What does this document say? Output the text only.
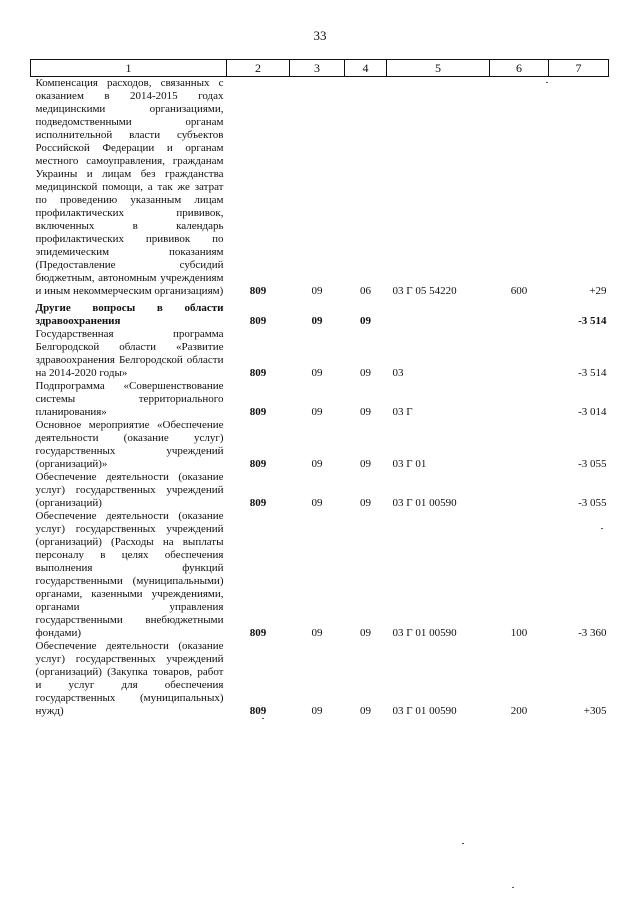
33
1	2	3	4	5	6	7
Компенсация расходов, связанных с оказанием в 2014-2015 годах медицинскими организациями, подведомственными органам исполнительной власти субъектов Российской Федерации и органам местного самоуправления, гражданам Украины и лицам без гражданства медицинской помощи, а так же затрат по проведению указанным лицам профилактических прививок, включенных в календарь профилактических прививок по эпидемическим показаниям (Предоставление субсидий бюджетным, автономным учреждениям и иным некоммерческим организациям)	809	09	06	03 Г 05 54220	600	+29
Другие вопросы в области здравоохранения	809	09	09			-3 514
Государственная программа Белгородской области «Развитие здравоохранения Белгородской области на 2014-2020 годы»	809	09	09	03		-3 514
Подпрограмма «Совершенствование системы территориального планирования»	809	09	09	03 Г		-3 014
Основное мероприятие «Обеспечение деятельности (оказание услуг) государственных учреждений (организаций)»	809	09	09	03 Г 01		-3 055
Обеспечение деятельности (оказание услуг) государственных учреждений (организаций)	809	09	09	03 Г 01 00590		-3 055
Обеспечение деятельности (оказание услуг) государственных учреждений (организаций) (Расходы на выплаты персоналу в целях обеспечения выполнения функций государственными (муниципальными) органами, казенными учреждениями, органами управления государственными внебюджетными фондами)	809	09	09	03 Г 01 00590	100	-3 360
Обеспечение деятельности (оказание услуг) государственных учреждений (организаций) (Закупка товаров, работ и услуг для обеспечения государственных (муниципальных) нужд)	809	09	09	03 Г 01 00590	200	+305
